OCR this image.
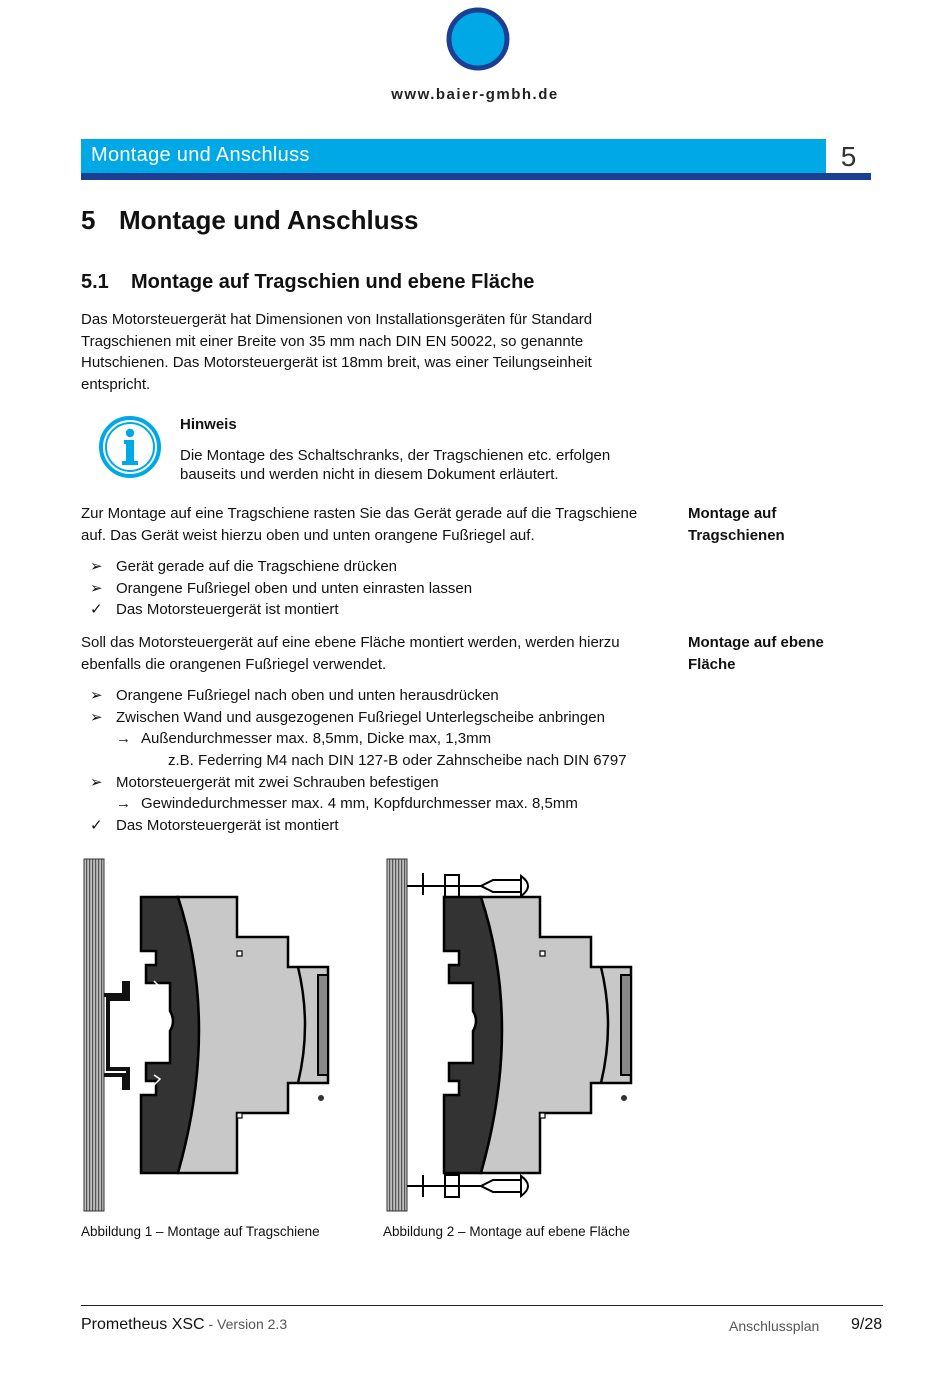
www.baier-gmbh.de
Montage und Anschluss	5
5 Montage und Anschluss
5.1 Montage auf Tragschien und ebene Fläche
Das Motorsteuergerät hat Dimensionen von Installationsgeräten für Standard
Tragschienen mit einer Breite von 35 mm nach DIN EN 50022, so genannte
Hutschienen. Das Motorsteuergerät ist 18mm breit, was einer Teilungseinheit
entspricht.
Hinweis
Die Montage des Schaltschranks, der Tragschienen etc. erfolgen
bauseits und werden nicht in diesem Dokument erläutert.
Zur Montage auf eine Tragschiene rasten Sie das Gerät gerade auf die Tragschiene
auf. Das Gerät weist hierzu oben und unten orangene Fußriegel auf.
Montage auf
Tragschienen
➢ Gerät gerade auf die Tragschiene drücken
➢ Orangene Fußriegel oben und unten einrasten lassen
✓ Das Motorsteuergerät ist montiert
Soll das Motorsteuergerät auf eine ebene Fläche montiert werden, werden hierzu
ebenfalls die orangenen Fußriegel verwendet.
Montage auf ebene
Fläche
➢ Orangene Fußriegel nach oben und unten herausdrücken
➢ Zwischen Wand und ausgezogenen Fußriegel Unterlegscheibe anbringen
→ Außendurchmesser max. 8,5mm, Dicke max, 1,3mm
z.B. Federring M4 nach DIN 127-B oder Zahnscheibe nach DIN 6797
➢ Motorsteuergerät mit zwei Schrauben befestigen
→ Gewindedurchmesser max. 4 mm, Kopfdurchmesser max. 8,5mm
✓ Das Motorsteuergerät ist montiert
Abbildung 1 – Montage auf Tragschiene	Abbildung 2 – Montage auf ebene Fläche
Prometheus XSC - Version 2.3	Anschlussplan 9/28
